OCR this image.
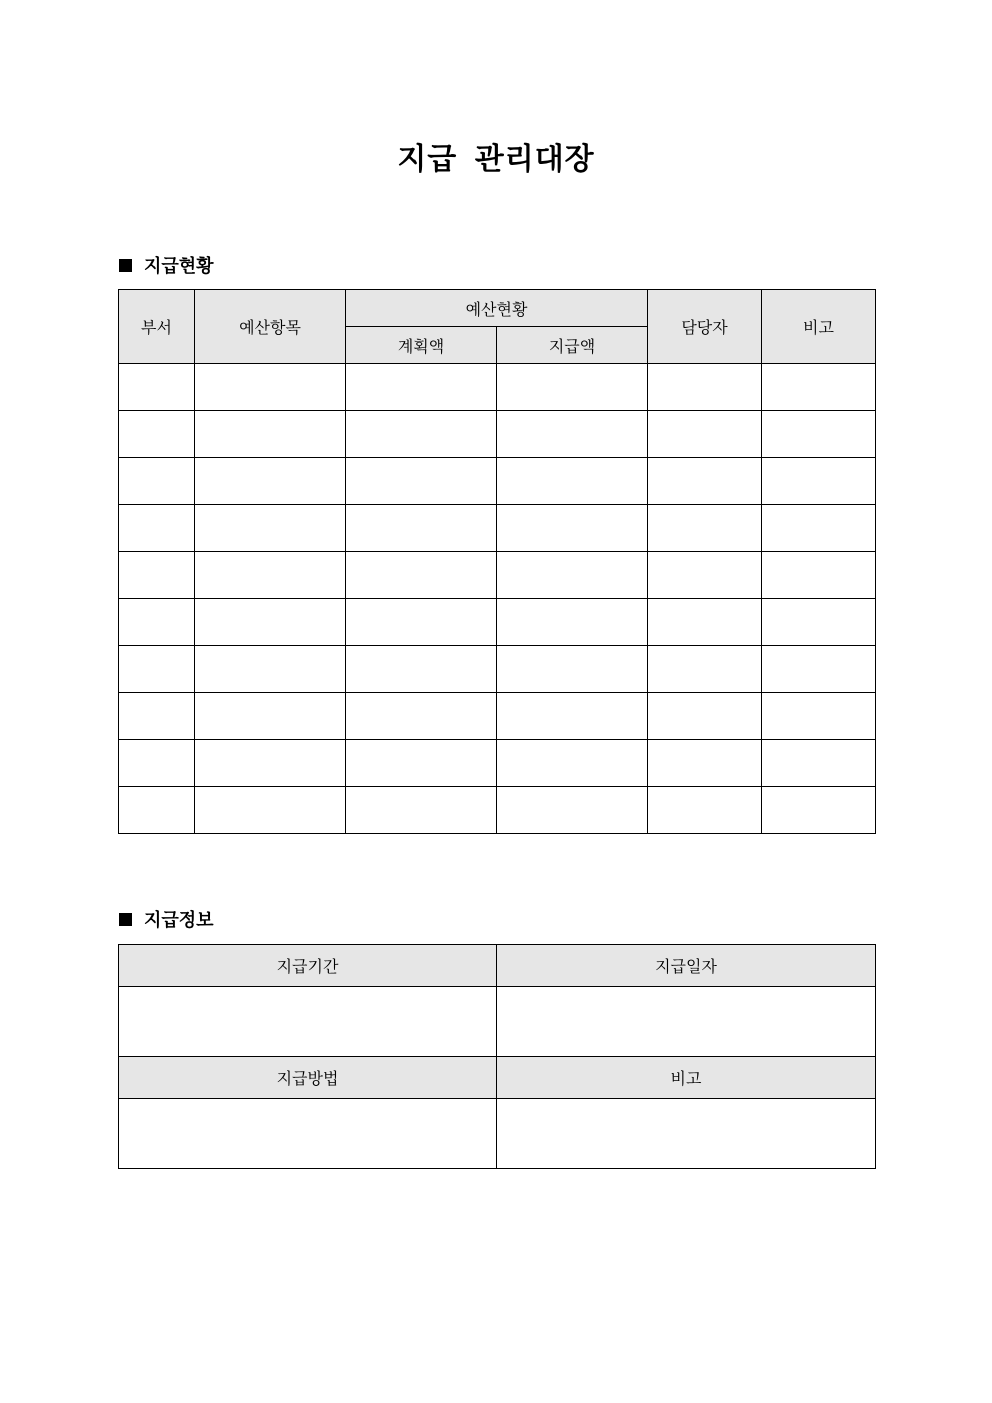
지급 관리대장
지급현황
부서	예산항목	예산현황		담당자	비고
		계획액	지급액		

지급정보
지급기간	지급일자

지급방법	비고
